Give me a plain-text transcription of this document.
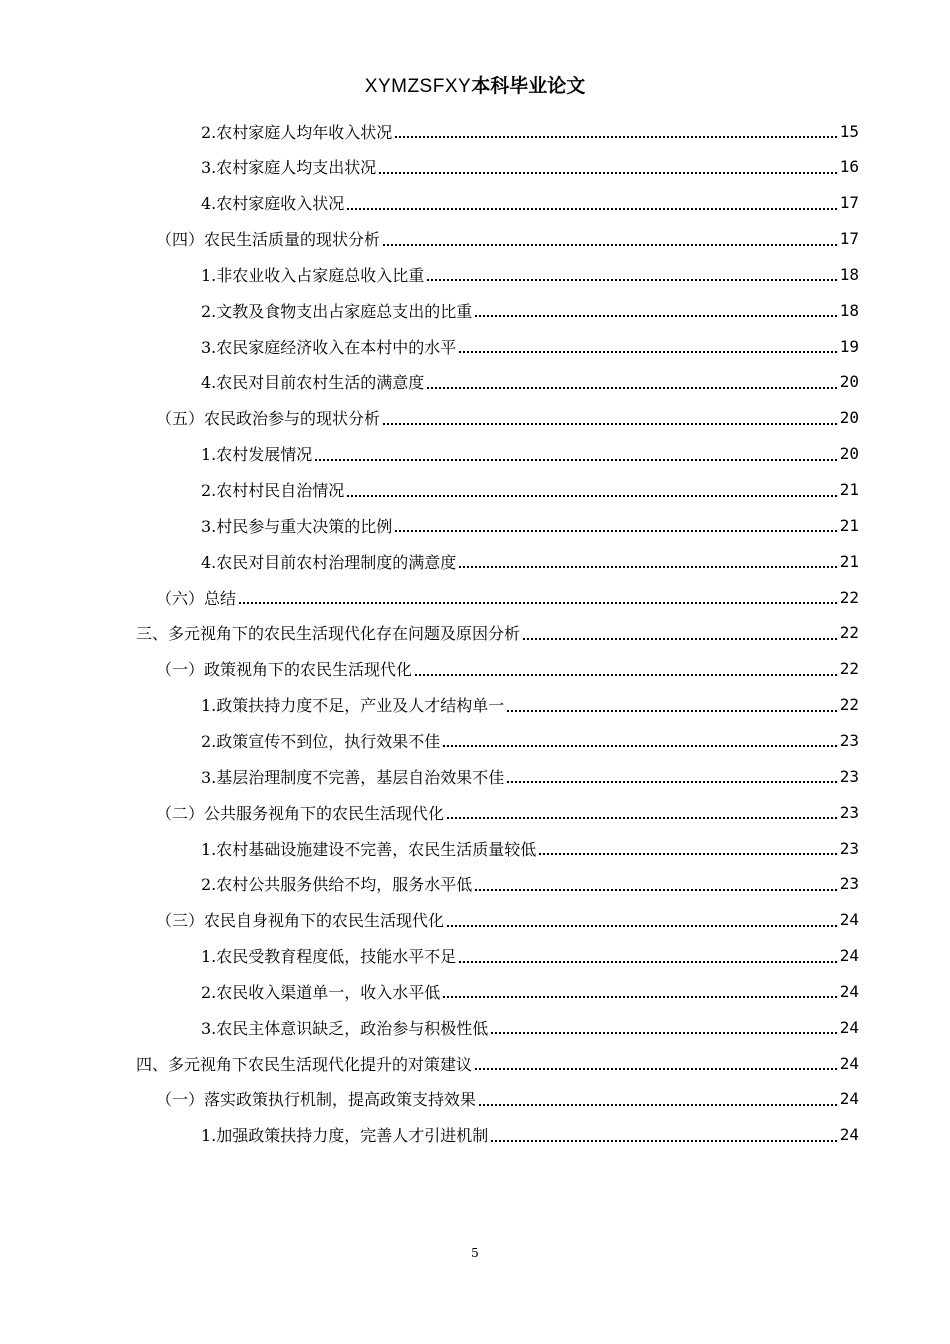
XYMZSFXY本科毕业论文
2.农村家庭人均年收入状况	15
3.农村家庭人均支出状况	16
4.农村家庭收入状况	17
（四）农民生活质量的现状分析	17
1.非农业收入占家庭总收入比重	18
2.文教及食物支出占家庭总支出的比重	18
3.农民家庭经济收入在本村中的水平	19
4.农民对目前农村生活的满意度	20
（五）农民政治参与的现状分析	20
1.农村发展情况	20
2.农村村民自治情况	21
3.村民参与重大决策的比例	21
4.农民对目前农村治理制度的满意度	21
（六）总结	22
三、多元视角下的农民生活现代化存在问题及原因分析	22
（一）政策视角下的农民生活现代化	22
1.政策扶持力度不足，产业及人才结构单一	22
2.政策宣传不到位，执行效果不佳	23
3.基层治理制度不完善，基层自治效果不佳	23
（二）公共服务视角下的农民生活现代化	23
1.农村基础设施建设不完善，农民生活质量较低	23
2.农村公共服务供给不均，服务水平低	23
（三）农民自身视角下的农民生活现代化	24
1.农民受教育程度低，技能水平不足	24
2.农民收入渠道单一，收入水平低	24
3.农民主体意识缺乏，政治参与积极性低	24
四、多元视角下农民生活现代化提升的对策建议	24
（一）落实政策执行机制，提高政策支持效果	24
1.加强政策扶持力度，完善人才引进机制	24
5
